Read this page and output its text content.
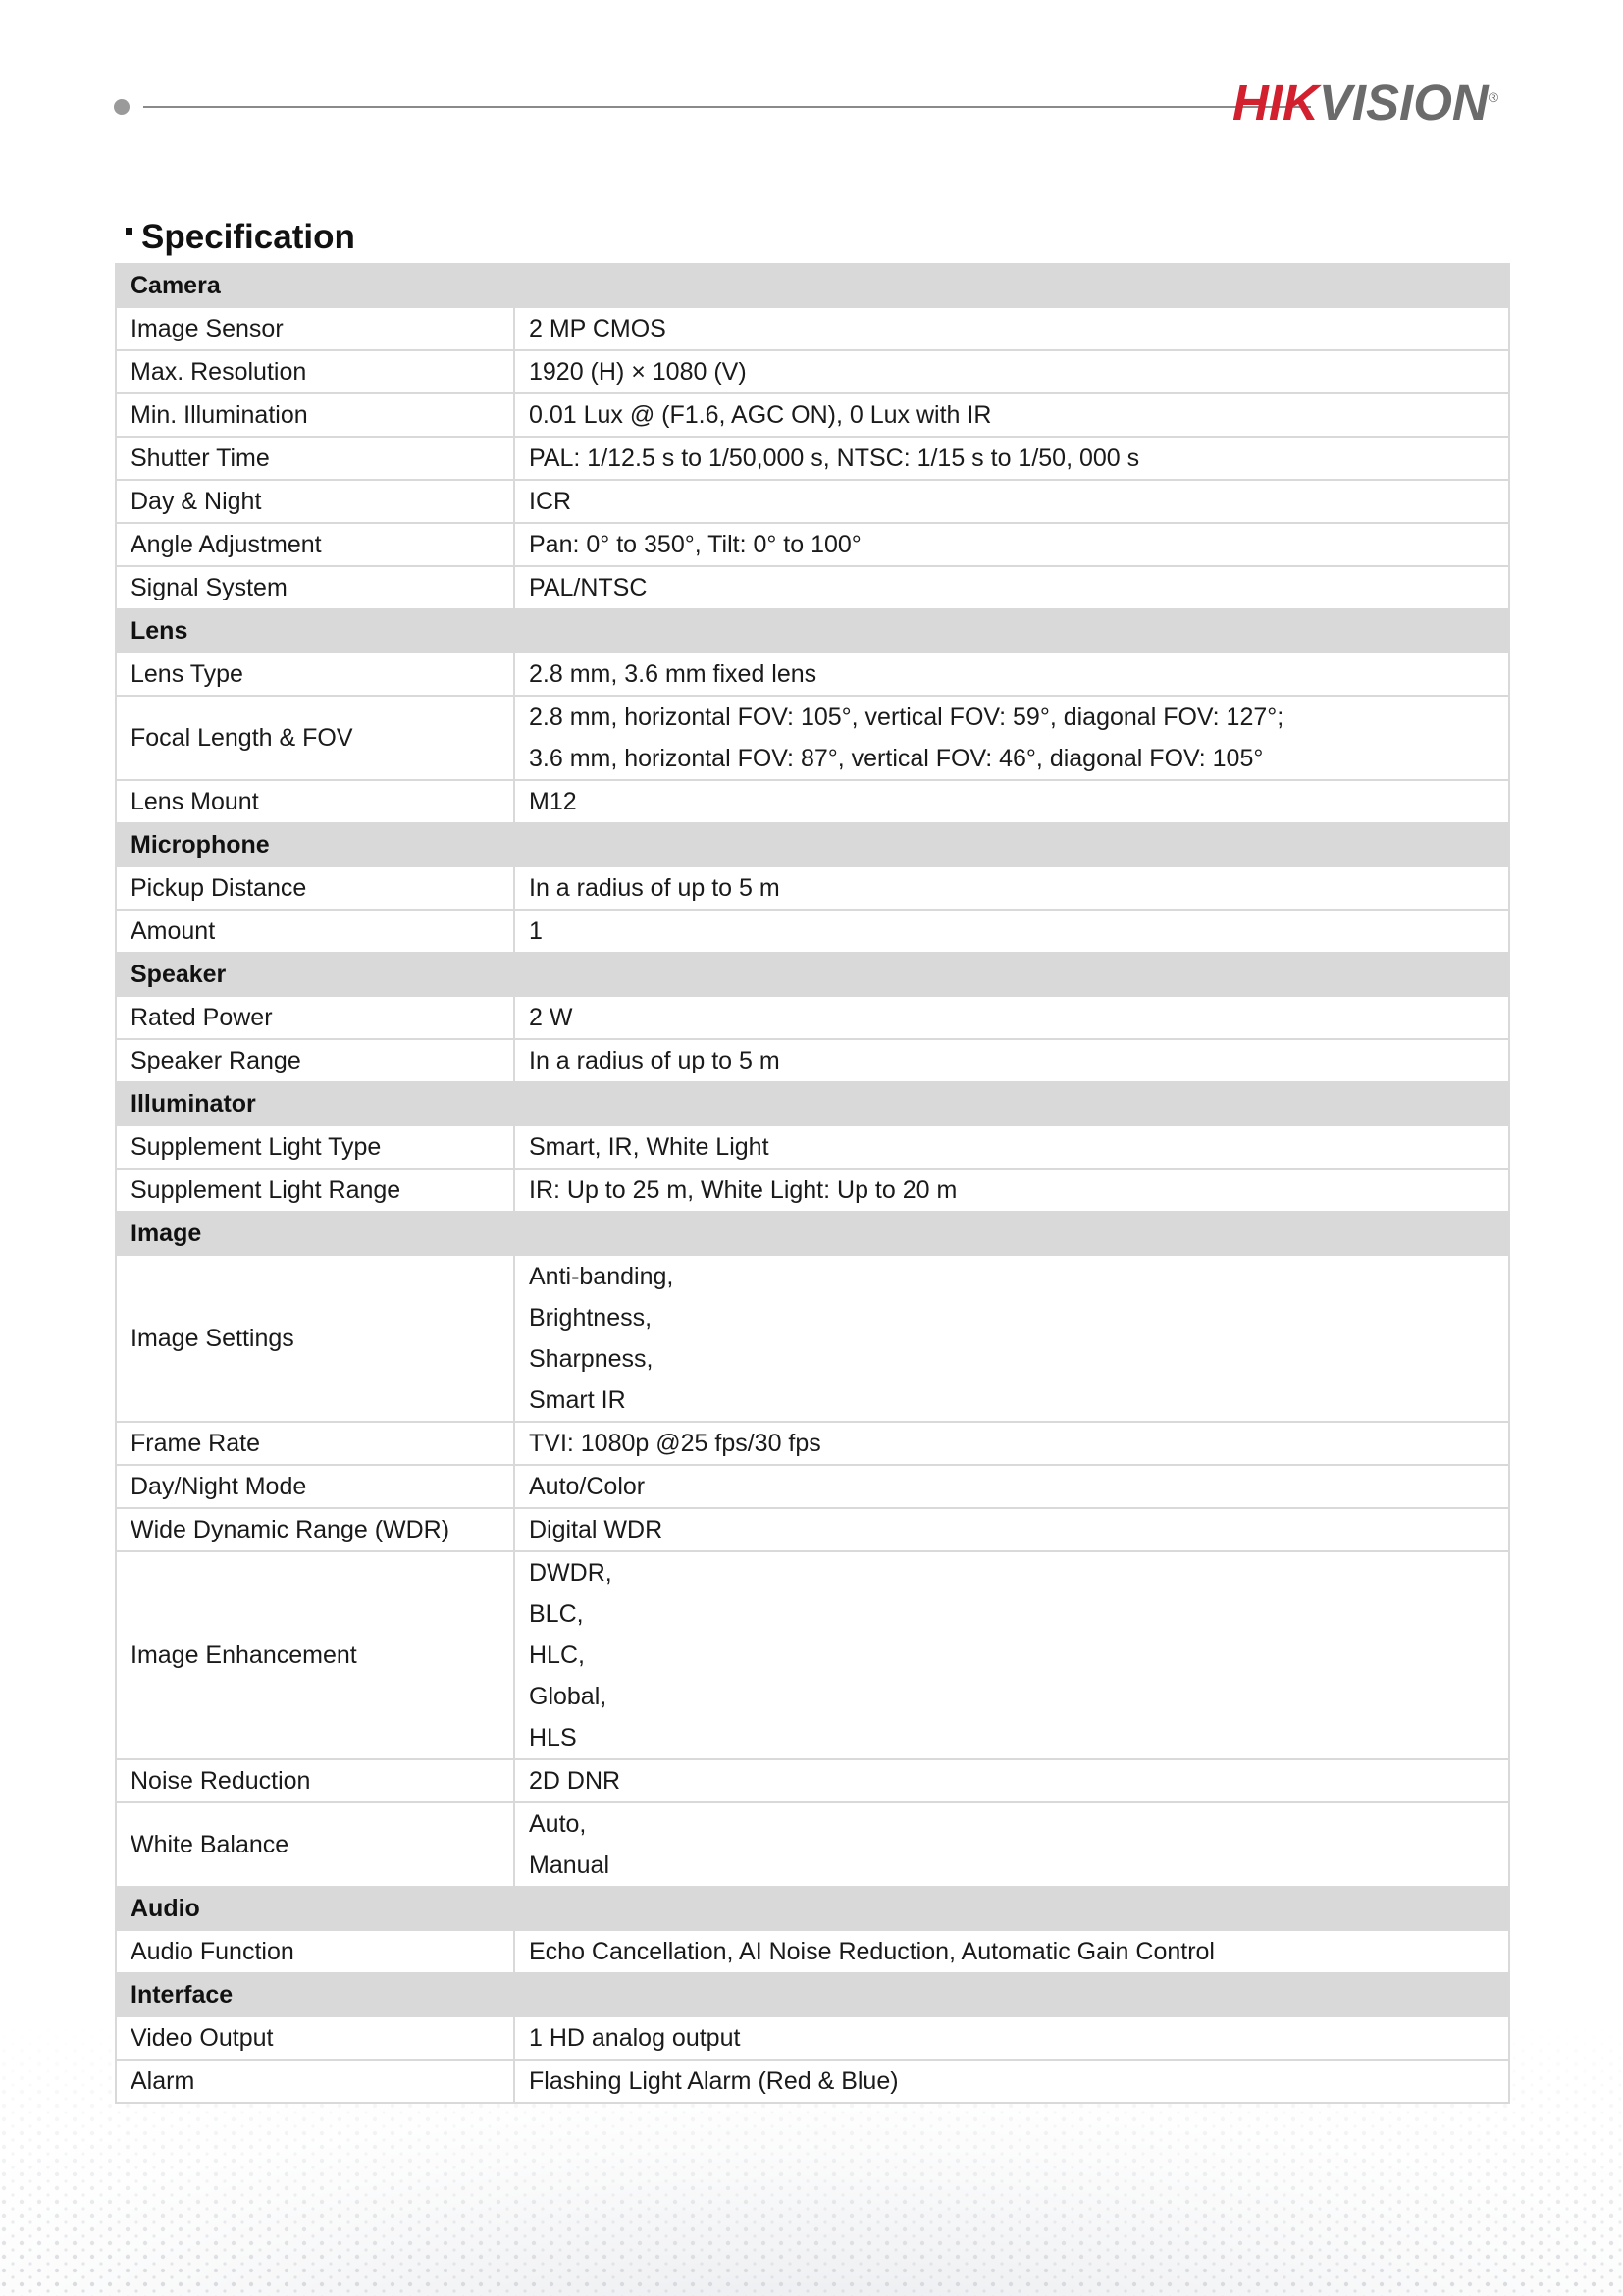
HIKVISION®
Specification
Camera	
Image Sensor	2 MP CMOS

Max. Resolution	1920 (H) × 1080 (V)

Min. Illumination	0.01 Lux @ (F1.6, AGC ON), 0 Lux with IR

Shutter Time	PAL: 1/12.5 s to 1/50,000 s, NTSC: 1/15 s to 1/50, 000 s

Day & Night	ICR

Angle Adjustment	Pan: 0° to 350°, Tilt: 0° to 100°

Signal System	PAL/NTSC

Lens	
Lens Type	2.8 mm, 3.6 mm fixed lens

Focal Length & FOV	2.8 mm, horizontal FOV: 105°, vertical FOV: 59°, diagonal FOV: 127°;
3.6 mm, horizontal FOV: 87°, vertical FOV: 46°, diagonal FOV: 105°

Lens Mount	M12

Microphone	
Pickup Distance	In a radius of up to 5 m

Amount	1

Speaker	
Rated Power	2 W

Speaker Range	In a radius of up to 5 m

Illuminator	
Supplement Light Type	Smart, IR, White Light

Supplement Light Range	IR: Up to 25 m, White Light: Up to 20 m

Image	
Image Settings	Anti-banding,
Brightness,
Sharpness,
Smart IR

Frame Rate	TVI: 1080p @25 fps/30 fps

Day/Night Mode	Auto/Color

Wide Dynamic Range (WDR)	Digital WDR

Image Enhancement	DWDR,
BLC,
HLC,
Global,
HLS

Noise Reduction	2D DNR

White Balance	Auto,
Manual

Audio	
Audio Function	Echo Cancellation, AI Noise Reduction, Automatic Gain Control

Interface	
Video Output	1 HD analog output

Alarm	Flashing Light Alarm (Red & Blue)
